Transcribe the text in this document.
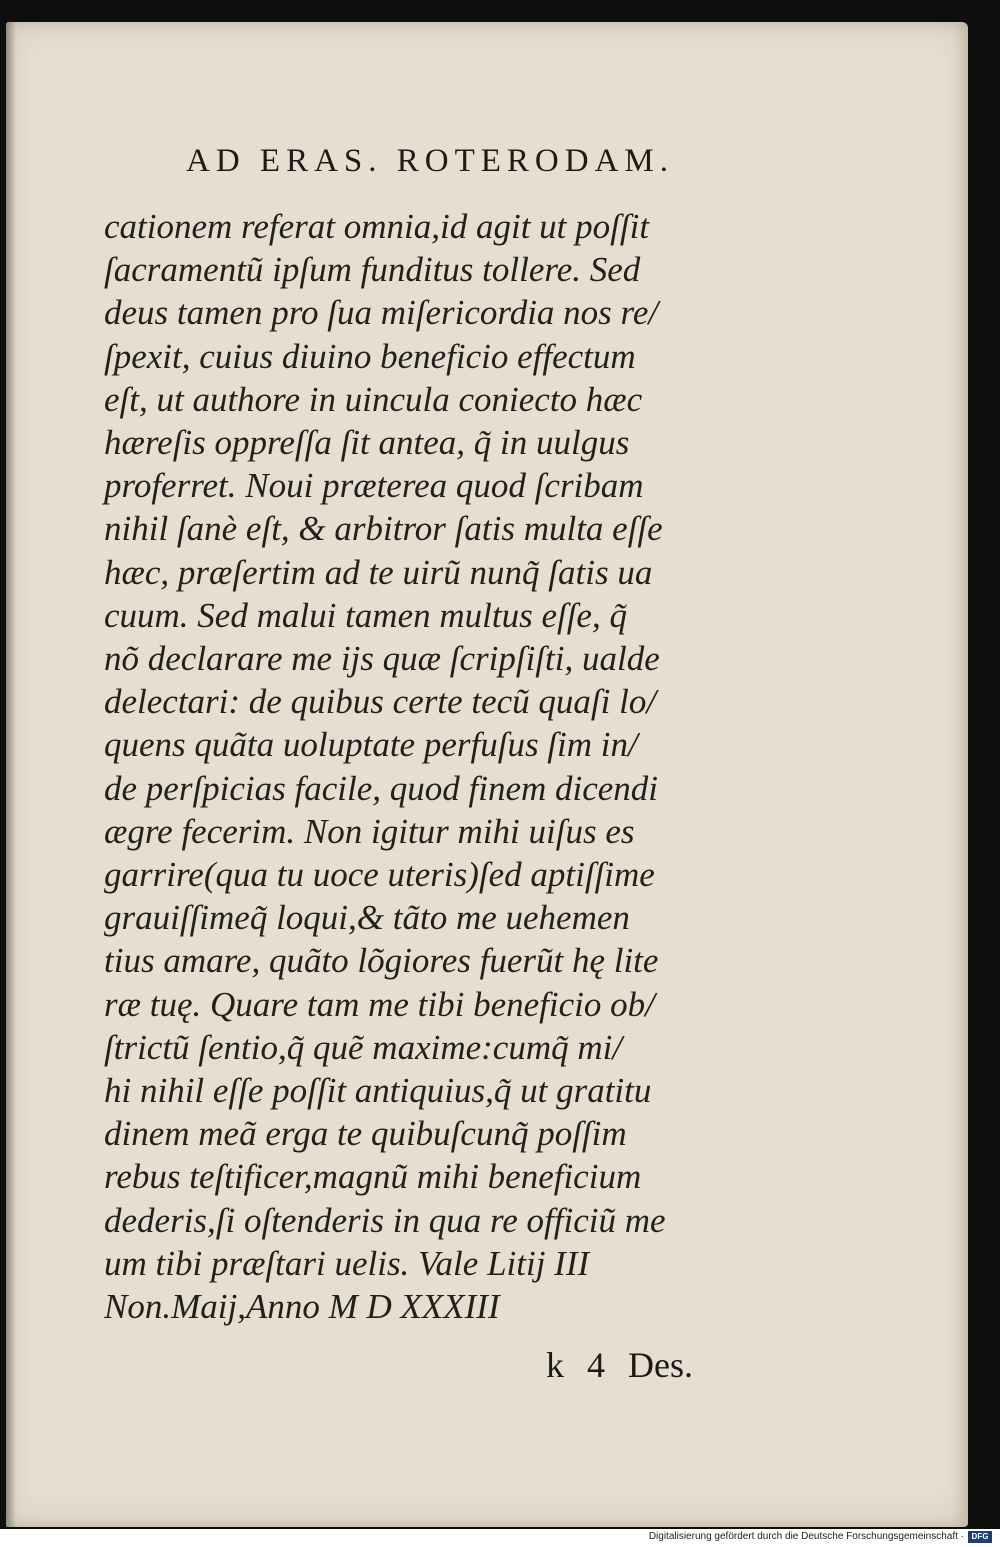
AD ERAS. ROTERODAM.
cationem referat omnia,id agit ut poſſit
ſacramentũ ipſum funditus tollere. Sed
deus tamen pro ſua miſericordia nos re/
ſpexit, cuius diuino beneficio effectum
eſt, ut authore in uincula coniecto hæc
hæreſis oppreſſa ſit antea, q̃ in uulgus
proferret. Noui præterea quod ſcribam
nihil ſanè eſt, & arbitror ſatis multa eſſe
hæc, præſertim ad te uirũ nunq̃ ſatis ua
cuum. Sed malui tamen multus eſſe, q̃
nõ declarare me ijs quæ ſcripſiſti, ualde
delectari: de quibus certe tecũ quaſi lo/
quens quãta uoluptate perfuſus ſim in/
de perſpicias facile, quod finem dicendi
ægre fecerim. Non igitur mihi uiſus es
garrire(qua tu uoce uteris)ſed aptiſſime
grauiſſimeq̃ loqui,& tãto me uehemen
tius amare, quãto lõgiores fuerũt hę lite
ræ tuę. Quare tam me tibi beneficio ob/
ſtrictũ ſentio,q̃ quẽ maxime:cumq̃ mi/
hi nihil eſſe poſſit antiquius,q̃ ut gratitu
dinem meã erga te quibuſcunq̃ poſſim
rebus teſtificer,magnũ mihi beneficium
dederis,ſi oſtenderis in qua re officiũ me
um tibi præſtari uelis. Vale Litij III
Non.Maij,Anno M D XXXIII
k 4 Des.
Digitalisierung gefördert durch die Deutsche Forschungsgemeinschaft · DFG
